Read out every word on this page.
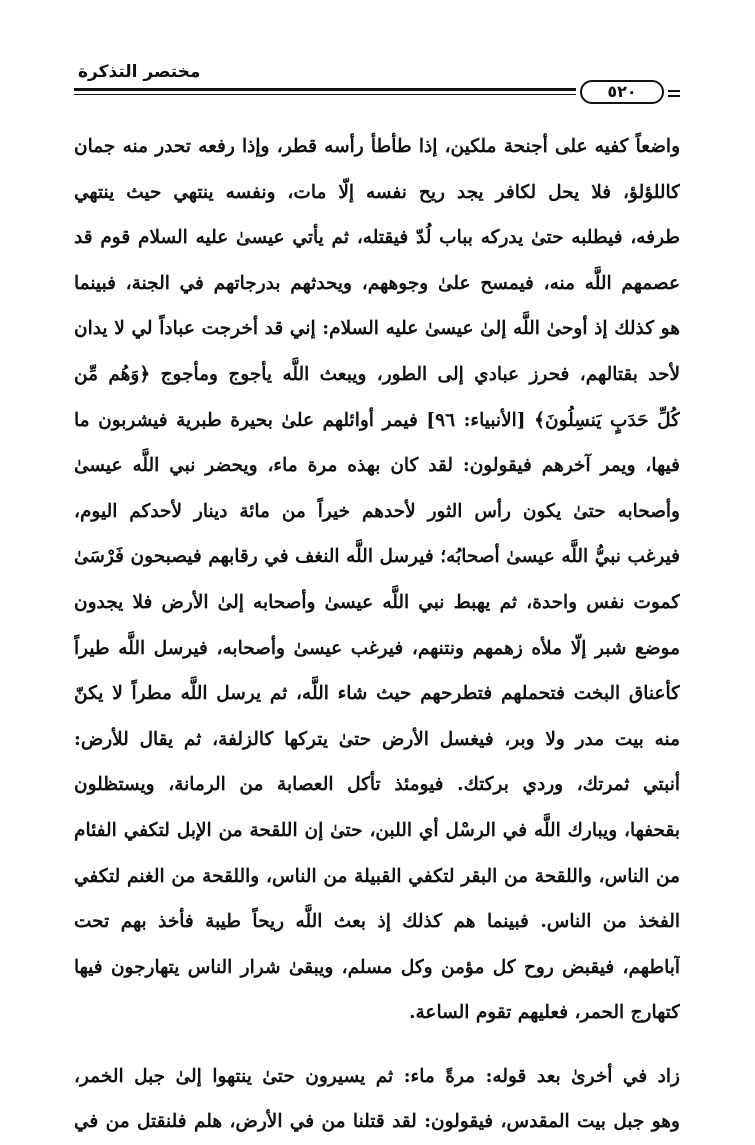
مختصر التذكرة
٥٢٠
واضعاً كفيه على أجنحة ملكين، إذا طأطأ رأسه قطر، وإذا رفعه تحدر منه جمان
كاللؤلؤ، فلا يحل لكافر يجد ريح نفسه إلّا مات، ونفسه ينتهي حيث ينتهي
طرفه، فيطلبه حتىٰ يدركه بباب لُدّ فيقتله، ثم يأتي عيسىٰ عليه السلام قوم قد
عصمهم اللَّه منه، فيمسح علىٰ وجوههم، ويحدثهم بدرجاتهم في الجنة، فبينما
هو كذلك إذ أوحىٰ اللَّه إلىٰ عيسىٰ عليه السلام: إني قد أخرجت عباداً لي لا يدان
لأحد بقتالهم، فحرز عبادي إلى الطور، ويبعث اللَّه يأجوج ومأجوج ﴿وَهُم مِّن
كُلِّ حَدَبٍ يَنسِلُونَ﴾ [الأنبياء: ٩٦] فيمر أوائلهم علىٰ بحيرة طبرية فيشربون ما
فيها، ويمر آخرهم فيقولون: لقد كان بهذه مرة ماء، ويحضر نبي اللَّه عيسىٰ
وأصحابه حتىٰ يكون رأس الثور لأحدهم خيراً من مائة دينار لأحدكم اليوم،
فيرغب نبيُّ اللَّه عيسىٰ أصحابُه؛ فيرسل اللَّه النغف في رقابهم فيصبحون فَرْسَىٰ
كموت نفس واحدة، ثم يهبط نبي اللَّه عيسىٰ وأصحابه إلىٰ الأرض فلا يجدون
موضع شبر إلّا ملأه زهمهم ونتنهم، فيرغب عيسىٰ وأصحابه، فيرسل اللَّه طيراً
كأعناق البخت فتحملهم فتطرحهم حيث شاء اللَّه، ثم يرسل اللَّه مطراً لا يكنّ
منه بيت مدر ولا وبر، فيغسل الأرض حتىٰ يتركها كالزلفة، ثم يقال للأرض:
أنبتي ثمرتك، وردي بركتك. فيومئذ تأكل العصابة من الرمانة، ويستظلون
بقحفها، ويبارك اللَّه في الرسْل أي اللبن، حتىٰ إن اللقحة من الإبل لتكفي الفئام
من الناس، واللقحة من البقر لتكفي القبيلة من الناس، واللقحة من الغنم لتكفي
الفخذ من الناس. فبينما هم كذلك إذ بعث اللَّه ريحاً طيبة فأخذ بهم تحت
آباطهم، فيقبض روح كل مؤمن وكل مسلم، ويبقىٰ شرار الناس يتهارجون فيها
كتهارج الحمر، فعليهم تقوم الساعة.
زاد في أخرىٰ بعد قوله: مرةً ماء: ثم يسيرون حتىٰ ينتهوا إلىٰ جبل الخمر،
وهو جبل بيت المقدس، فيقولون: لقد قتلنا من في الأرض، هلم فلنقتل من في
